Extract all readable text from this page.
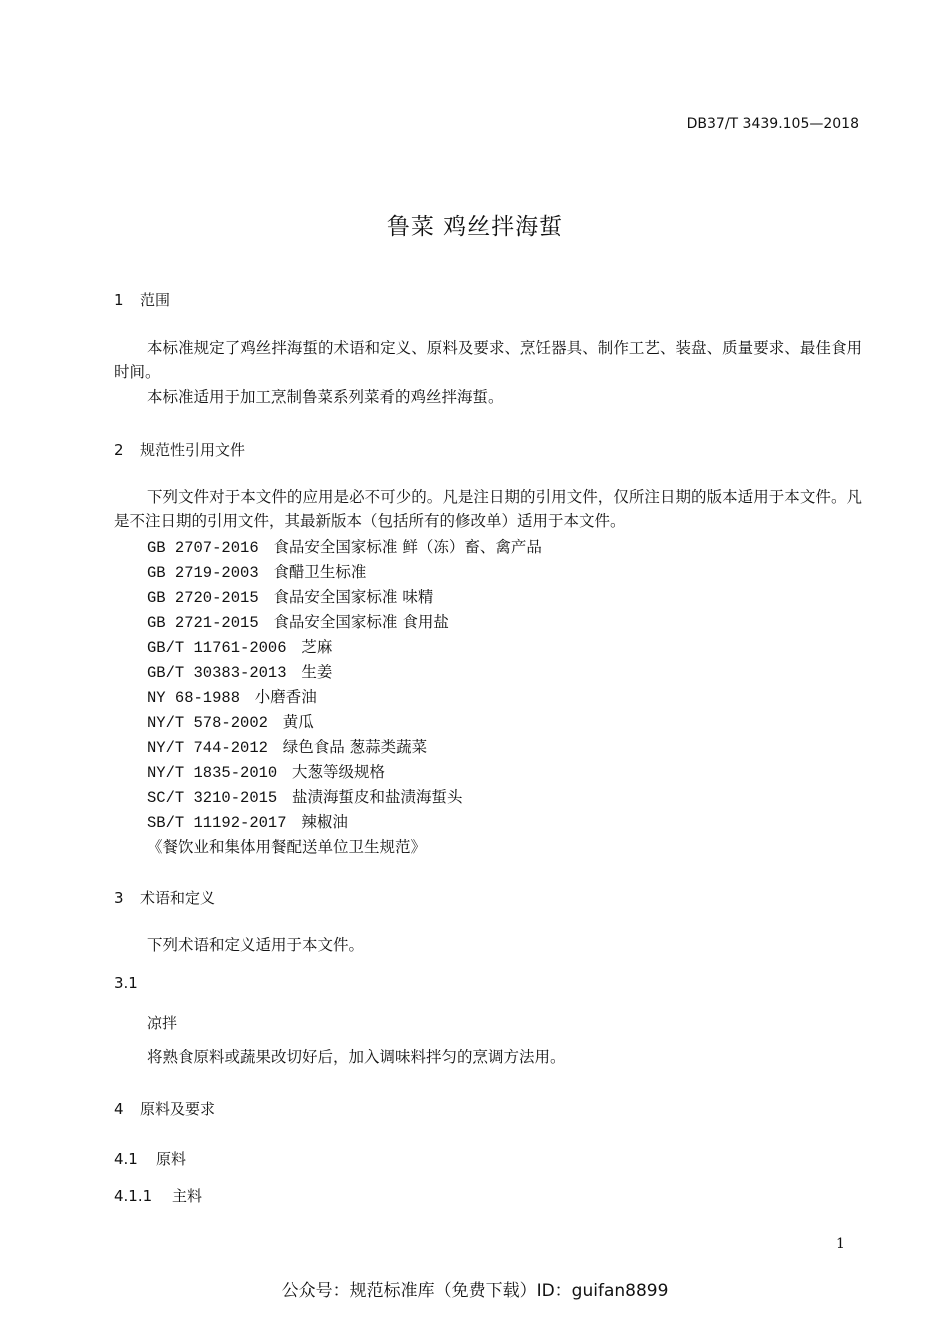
DB37/T 3439.105—2018
鲁菜 鸡丝拌海蜇
1 范围
本标准规定了鸡丝拌海蜇的术语和定义、原料及要求、烹饪器具、制作工艺、装盘、质量要求、最佳食用时间。
本标准适用于加工烹制鲁菜系列菜肴的鸡丝拌海蜇。
2 规范性引用文件
下列文件对于本文件的应用是必不可少的。凡是注日期的引用文件，仅所注日期的版本适用于本文件。凡是不注日期的引用文件，其最新版本（包括所有的修改单）适用于本文件。
GB 2707-2016 食品安全国家标准 鲜（冻）畜、禽产品
GB 2719-2003 食醋卫生标准
GB 2720-2015 食品安全国家标准 味精
GB 2721-2015 食品安全国家标准 食用盐
GB/T 11761-2006 芝麻
GB/T 30383-2013 生姜
NY 68-1988 小磨香油
NY/T 578-2002 黄瓜
NY/T 744-2012 绿色食品 葱蒜类蔬菜
NY/T 1835-2010 大葱等级规格
SC/T 3210-2015 盐渍海蜇皮和盐渍海蜇头
SB/T 11192-2017 辣椒油
《餐饮业和集体用餐配送单位卫生规范》
3 术语和定义
下列术语和定义适用于本文件。
3.1
凉拌
将熟食原料或蔬果改切好后，加入调味料拌匀的烹调方法用。
4 原料及要求
4.1 原料
4.1.1 主料
1
公众号：规范标准库（免费下载）ID：guifan8899
